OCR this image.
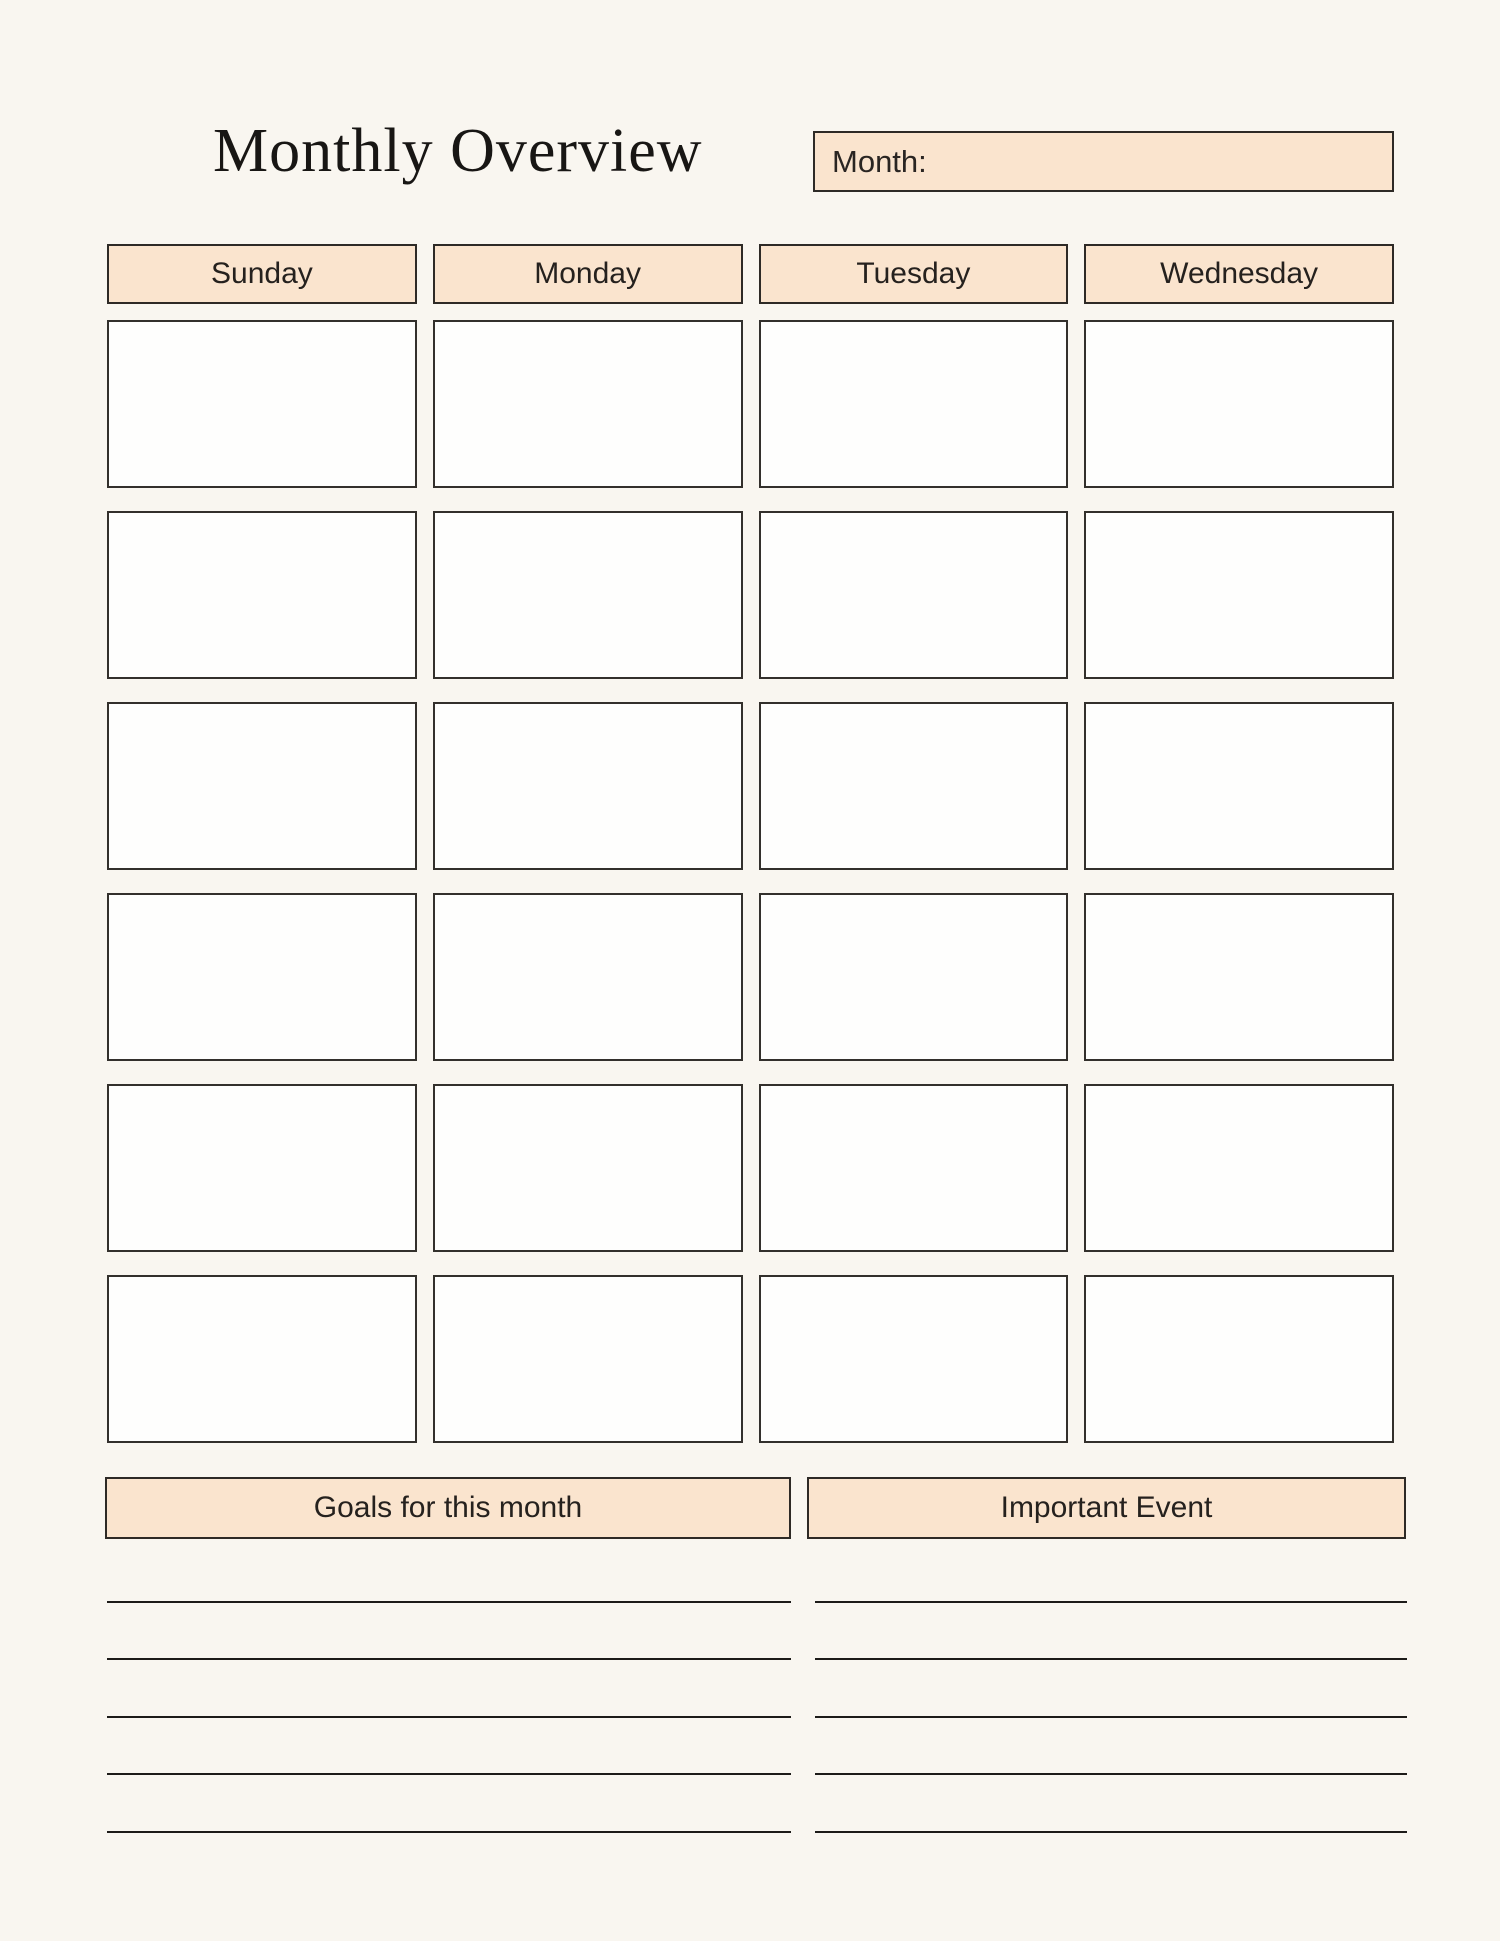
Monthly Overview	Month:
Sunday	Monday	Tuesday	Wednesday
Goals for this month	Important Event
